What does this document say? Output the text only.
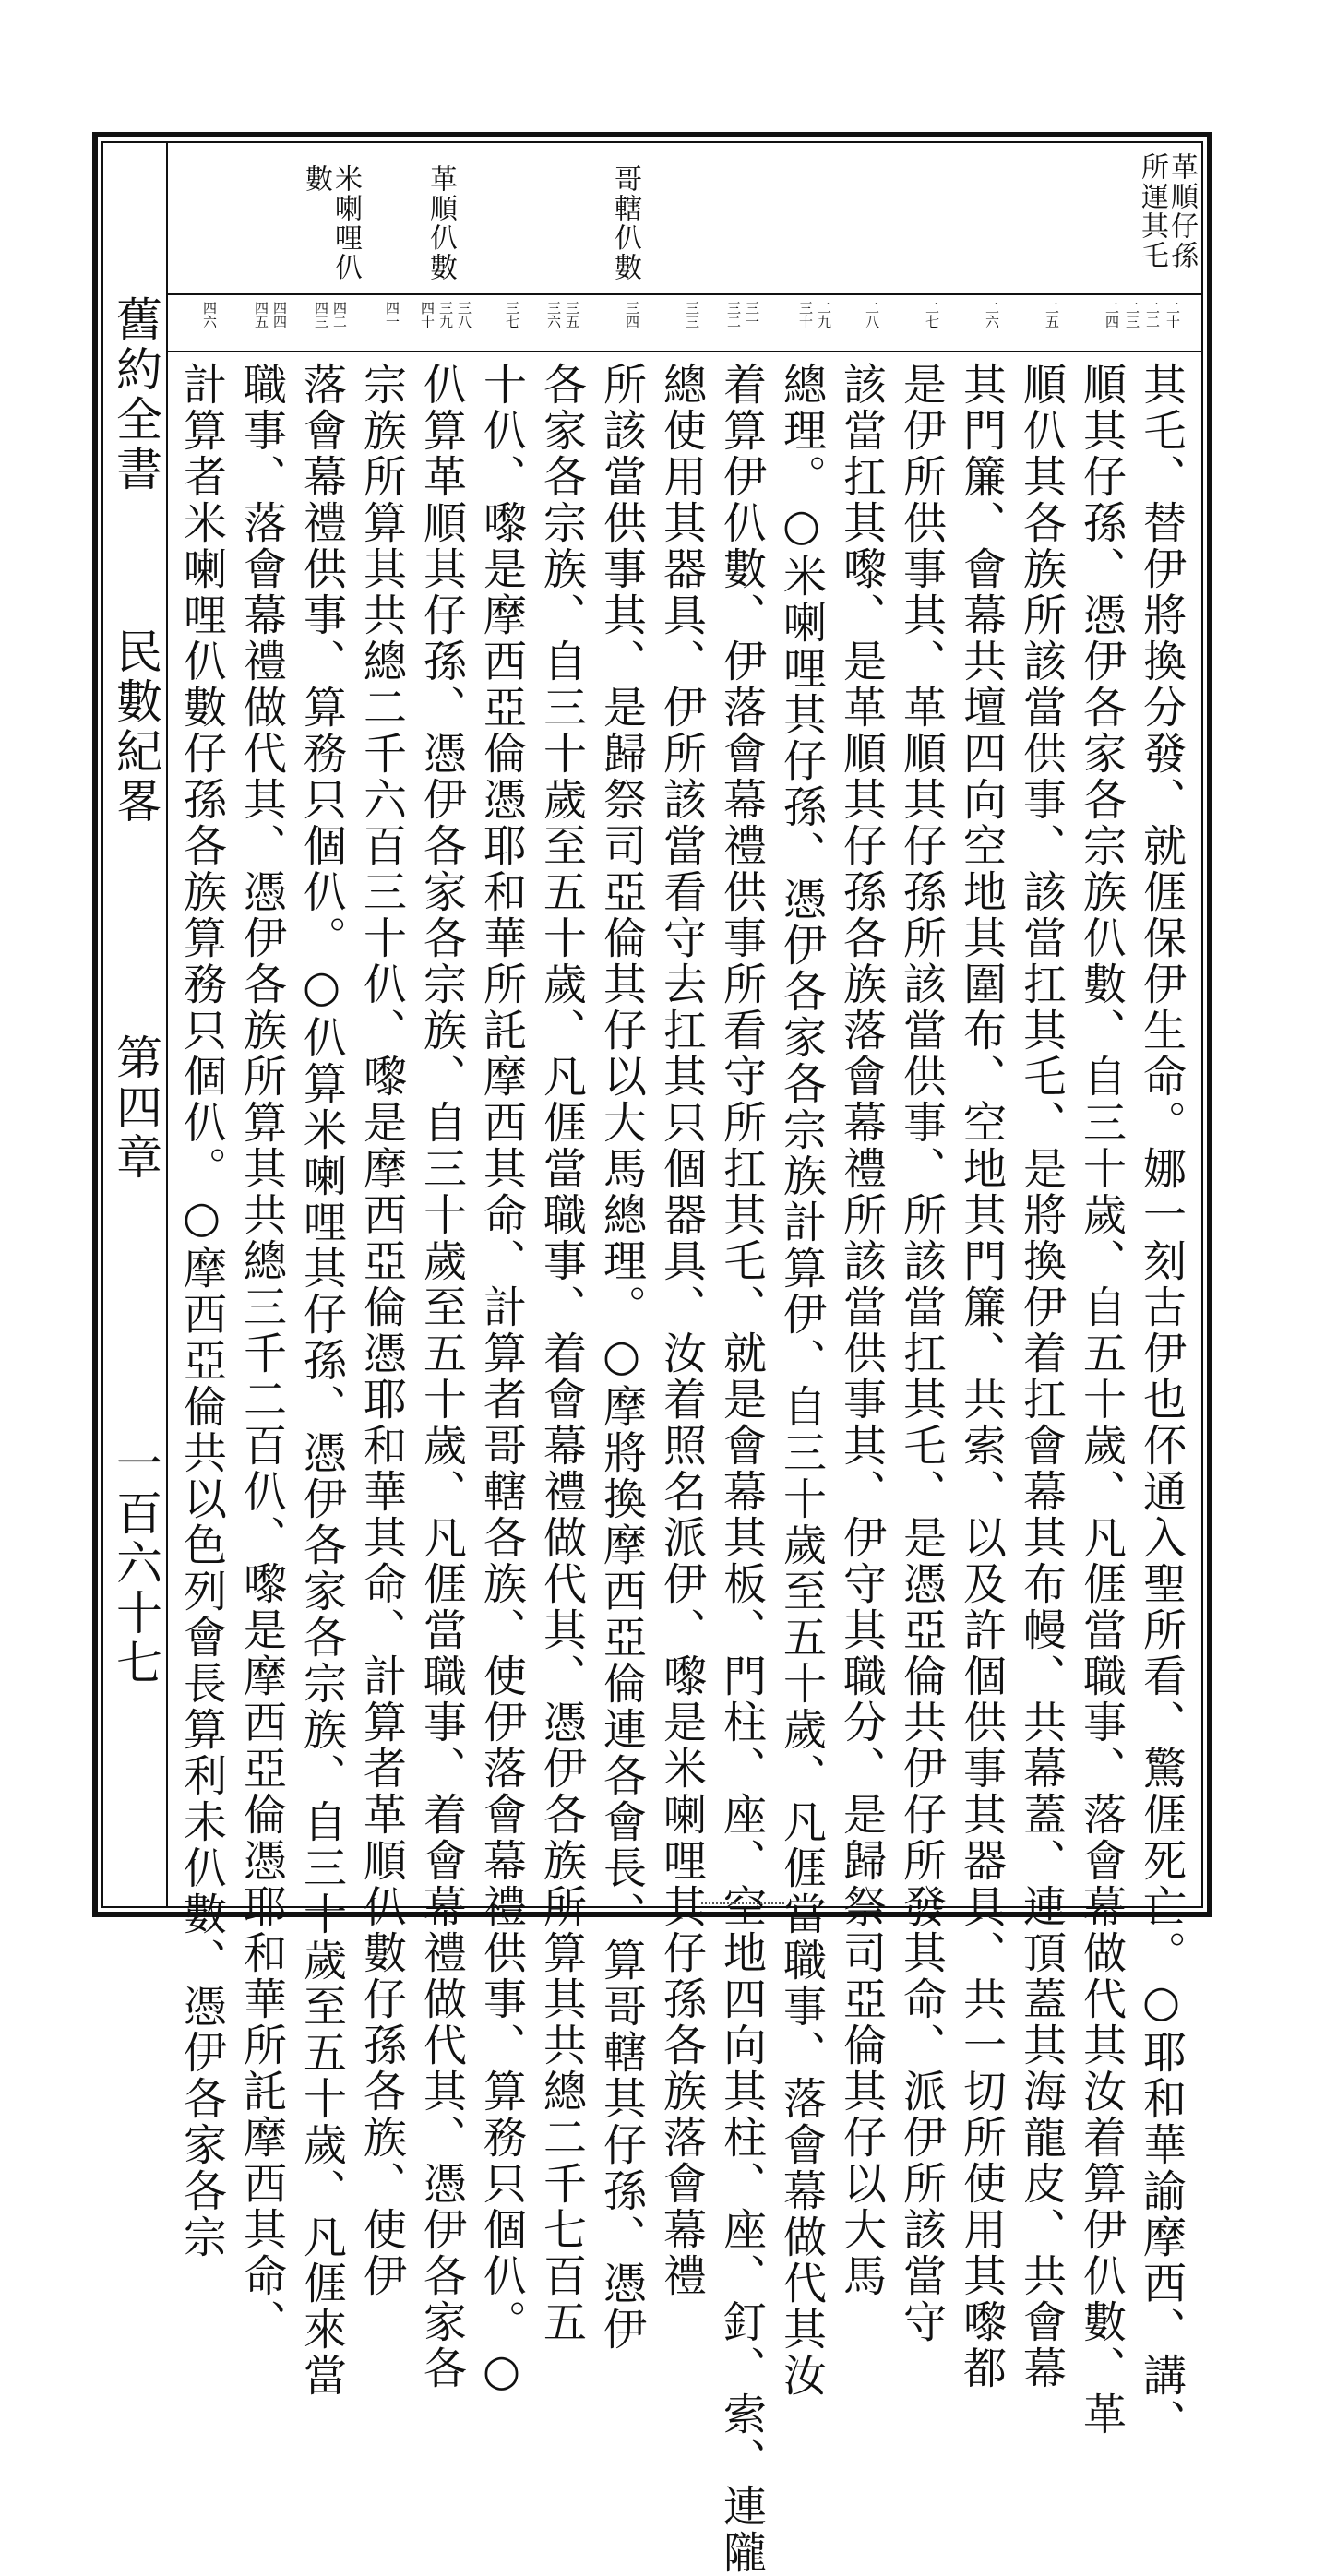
舊約全書
民數紀畧
第四章
一百六十七
革順仔孫
所運其乇
哥轄仈數
革順仈數
米喇哩仈
數
二十
二二
二三
二四
二五
二六
二七
二八
二九
三十
三一
三二
三三
三四
三五
三六
三七
三八
三九
四十
四一
四二
四三
四四
四五
四六
其乇、替伊將換分發、就𠊎保伊生命。娜一刻古伊也伓通入聖所看、驚𠊎死亡。○耶和華諭摩西、講、
順其仔孫、憑伊各家各宗族仈數、自三十歲、自五十歲、凡𠊎當職事、落會幕做代其汝着算伊仈數、革
順仈其各族所該當供事、該當扛其乇、是將換伊着扛會幕其布幔、共幕蓋、連頂蓋其海龍皮、共會幕
其門簾、會幕共壇四向空地其圍布、空地其門簾、共索、以及許個供事其器具、共一切所使用其嚟都
是伊所供事其、革順其仔孫所該當供事、所該當扛其乇、是憑亞倫共伊仔所發其命、派伊所該當守
該當扛其嚟、是革順其仔孫各族落會幕禮所該當供事其、伊守其職分、是歸祭司亞倫其仔以大馬
總理。○米喇哩其仔孫、憑伊各家各宗族計算伊、自三十歲至五十歲、凡𠊎當職事、落會幕做代其汝
着算伊仈數、伊落會幕禮供事所看守所扛其乇、就是會幕其板、門柱、座、空地四向其柱、座、釘、索、連隴
總使用其器具、伊所該當看守去扛其只個器具、汝着照名派伊、嚟是米喇哩其仔孫各族落會幕禮
所該當供事其、是歸祭司亞倫其仔以大馬總理。○摩將換摩西亞倫連各會長、算哥轄其仔孫、憑伊
各家各宗族、自三十歲至五十歲、凡𠊎當職事、着會幕禮做代其、憑伊各族所算其共總二千七百五
十仈、嚟是摩西亞倫憑耶和華所託摩西其命、計算者哥轄各族、使伊落會幕禮供事、算務只個仈。○
仈算革順其仔孫、憑伊各家各宗族、自三十歲至五十歲、凡𠊎當職事、着會幕禮做代其、憑伊各家各
宗族所算其共總二千六百三十仈、嚟是摩西亞倫憑耶和華其命、計算者革順仈數仔孫各族、使伊
落會幕禮供事、算務只個仈。○仈算米喇哩其仔孫、憑伊各家各宗族、自三十歲至五十歲、凡𠊎來當
職事、落會幕禮做代其、憑伊各族所算其共總三千二百仈、嚟是摩西亞倫憑耶和華所託摩西其命、
計算者米喇哩仈數仔孫各族算務只個仈。○摩西亞倫共以色列會長算利未仈數、憑伊各家各宗
